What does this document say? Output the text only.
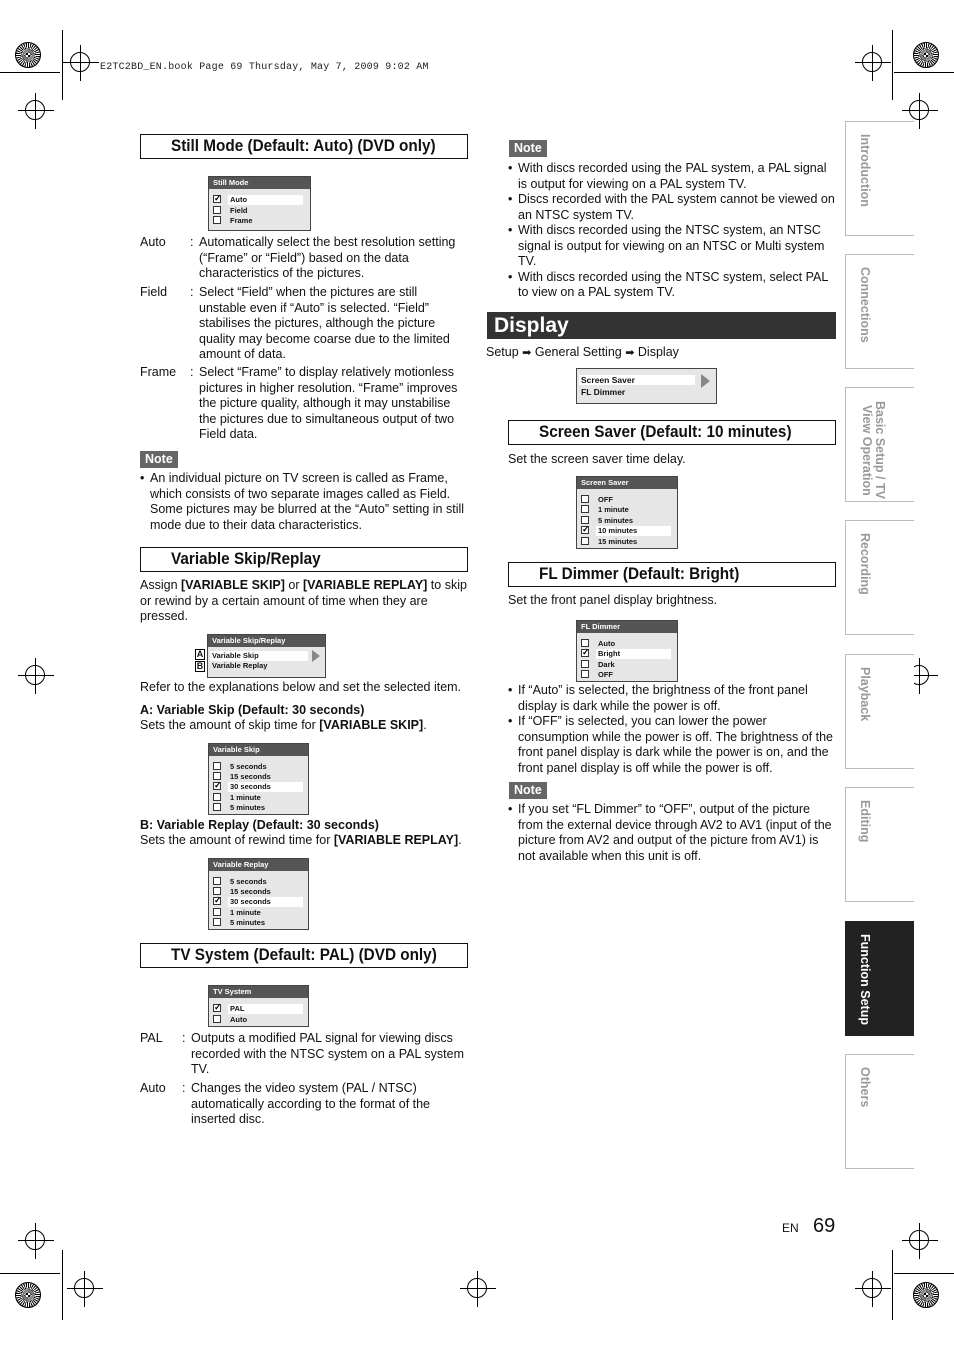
E2TC2BD_EN.book Page 69 Thursday, May 7, 2009 9:02 AM
Still Mode (Default: Auto) (DVD only)
Still Mode
✓Auto
Field
Frame
Auto : Automatically select the best resolution setting (“Frame” or “Field”) based on the data characteristics of the pictures.
Field : Select “Field” when the pictures are still unstable even if “Auto” is selected. “Field” stabilises the pictures, although the picture quality may become coarse due to the limited amount of data.
Frame : Select “Frame” to display relatively motionless pictures in higher resolution. “Frame” improves the picture quality, although it may unstabilise the pictures due to simultaneous output of two Field data.
Note
• An individual picture on TV screen is called as Frame, which consists of two separate images called as Field. Some pictures may be blurred at the “Auto” setting in still mode due to their data characteristics.
Variable Skip/Replay
Assign [VARIABLE SKIP] or [VARIABLE REPLAY] to skip or rewind by a certain amount of time when they are pressed.
A
B
Variable Skip/Replay
Variable Skip
Variable Replay
Refer to the explanations below and set the selected item.
A: Variable Skip (Default: 30 seconds)
Sets the amount of skip time for [VARIABLE SKIP].
Variable Skip
5 seconds
15 seconds
✓30 seconds
1 minute
5 minutes
B: Variable Replay (Default: 30 seconds)
Sets the amount of rewind time for [VARIABLE REPLAY].
Variable Replay
5 seconds
15 seconds
✓30 seconds
1 minute
5 minutes
TV System (Default: PAL) (DVD only)
TV System
✓PAL
Auto
PAL : Outputs a modified PAL signal for viewing discs recorded with the NTSC system on a PAL system TV.
Auto : Changes the video system (PAL / NTSC) automatically according to the format of the inserted disc.
Note
• With discs recorded using the PAL system, a PAL signal is output for viewing on a PAL system TV.
• Discs recorded with the PAL system cannot be viewed on an NTSC system TV.
• With discs recorded using the NTSC system, an NTSC signal is output for viewing on an NTSC or Multi system TV.
• With discs recorded using the NTSC system, select PAL to view on a PAL system TV.
Display
Setup ➡ General Setting ➡ Display
Screen Saver
FL Dimmer
Screen Saver (Default: 10 minutes)
Set the screen saver time delay.
Screen Saver
OFF
1 minute
5 minutes
✓10 minutes
15 minutes
FL Dimmer (Default: Bright)
Set the front panel display brightness.
FL Dimmer
Auto
✓Bright
Dark
OFF
• If “Auto” is selected, the brightness of the front panel display is dark while the power is off.
• If “OFF” is selected, you can lower the power consumption while the power is off. The brightness of the front panel display is dark while the power is on, and the front panel display is off while the power is off.
Note
• If you set “FL Dimmer” to “OFF”, output of the picture from the external device through AV2 to AV1 (input of the picture from AV2 and output of the picture from AV1) is not available when this unit is off.
Introduction
Connections
Basic Setup / TV View Operation
Recording
Playback
Editing
Function Setup
Others
EN 69
